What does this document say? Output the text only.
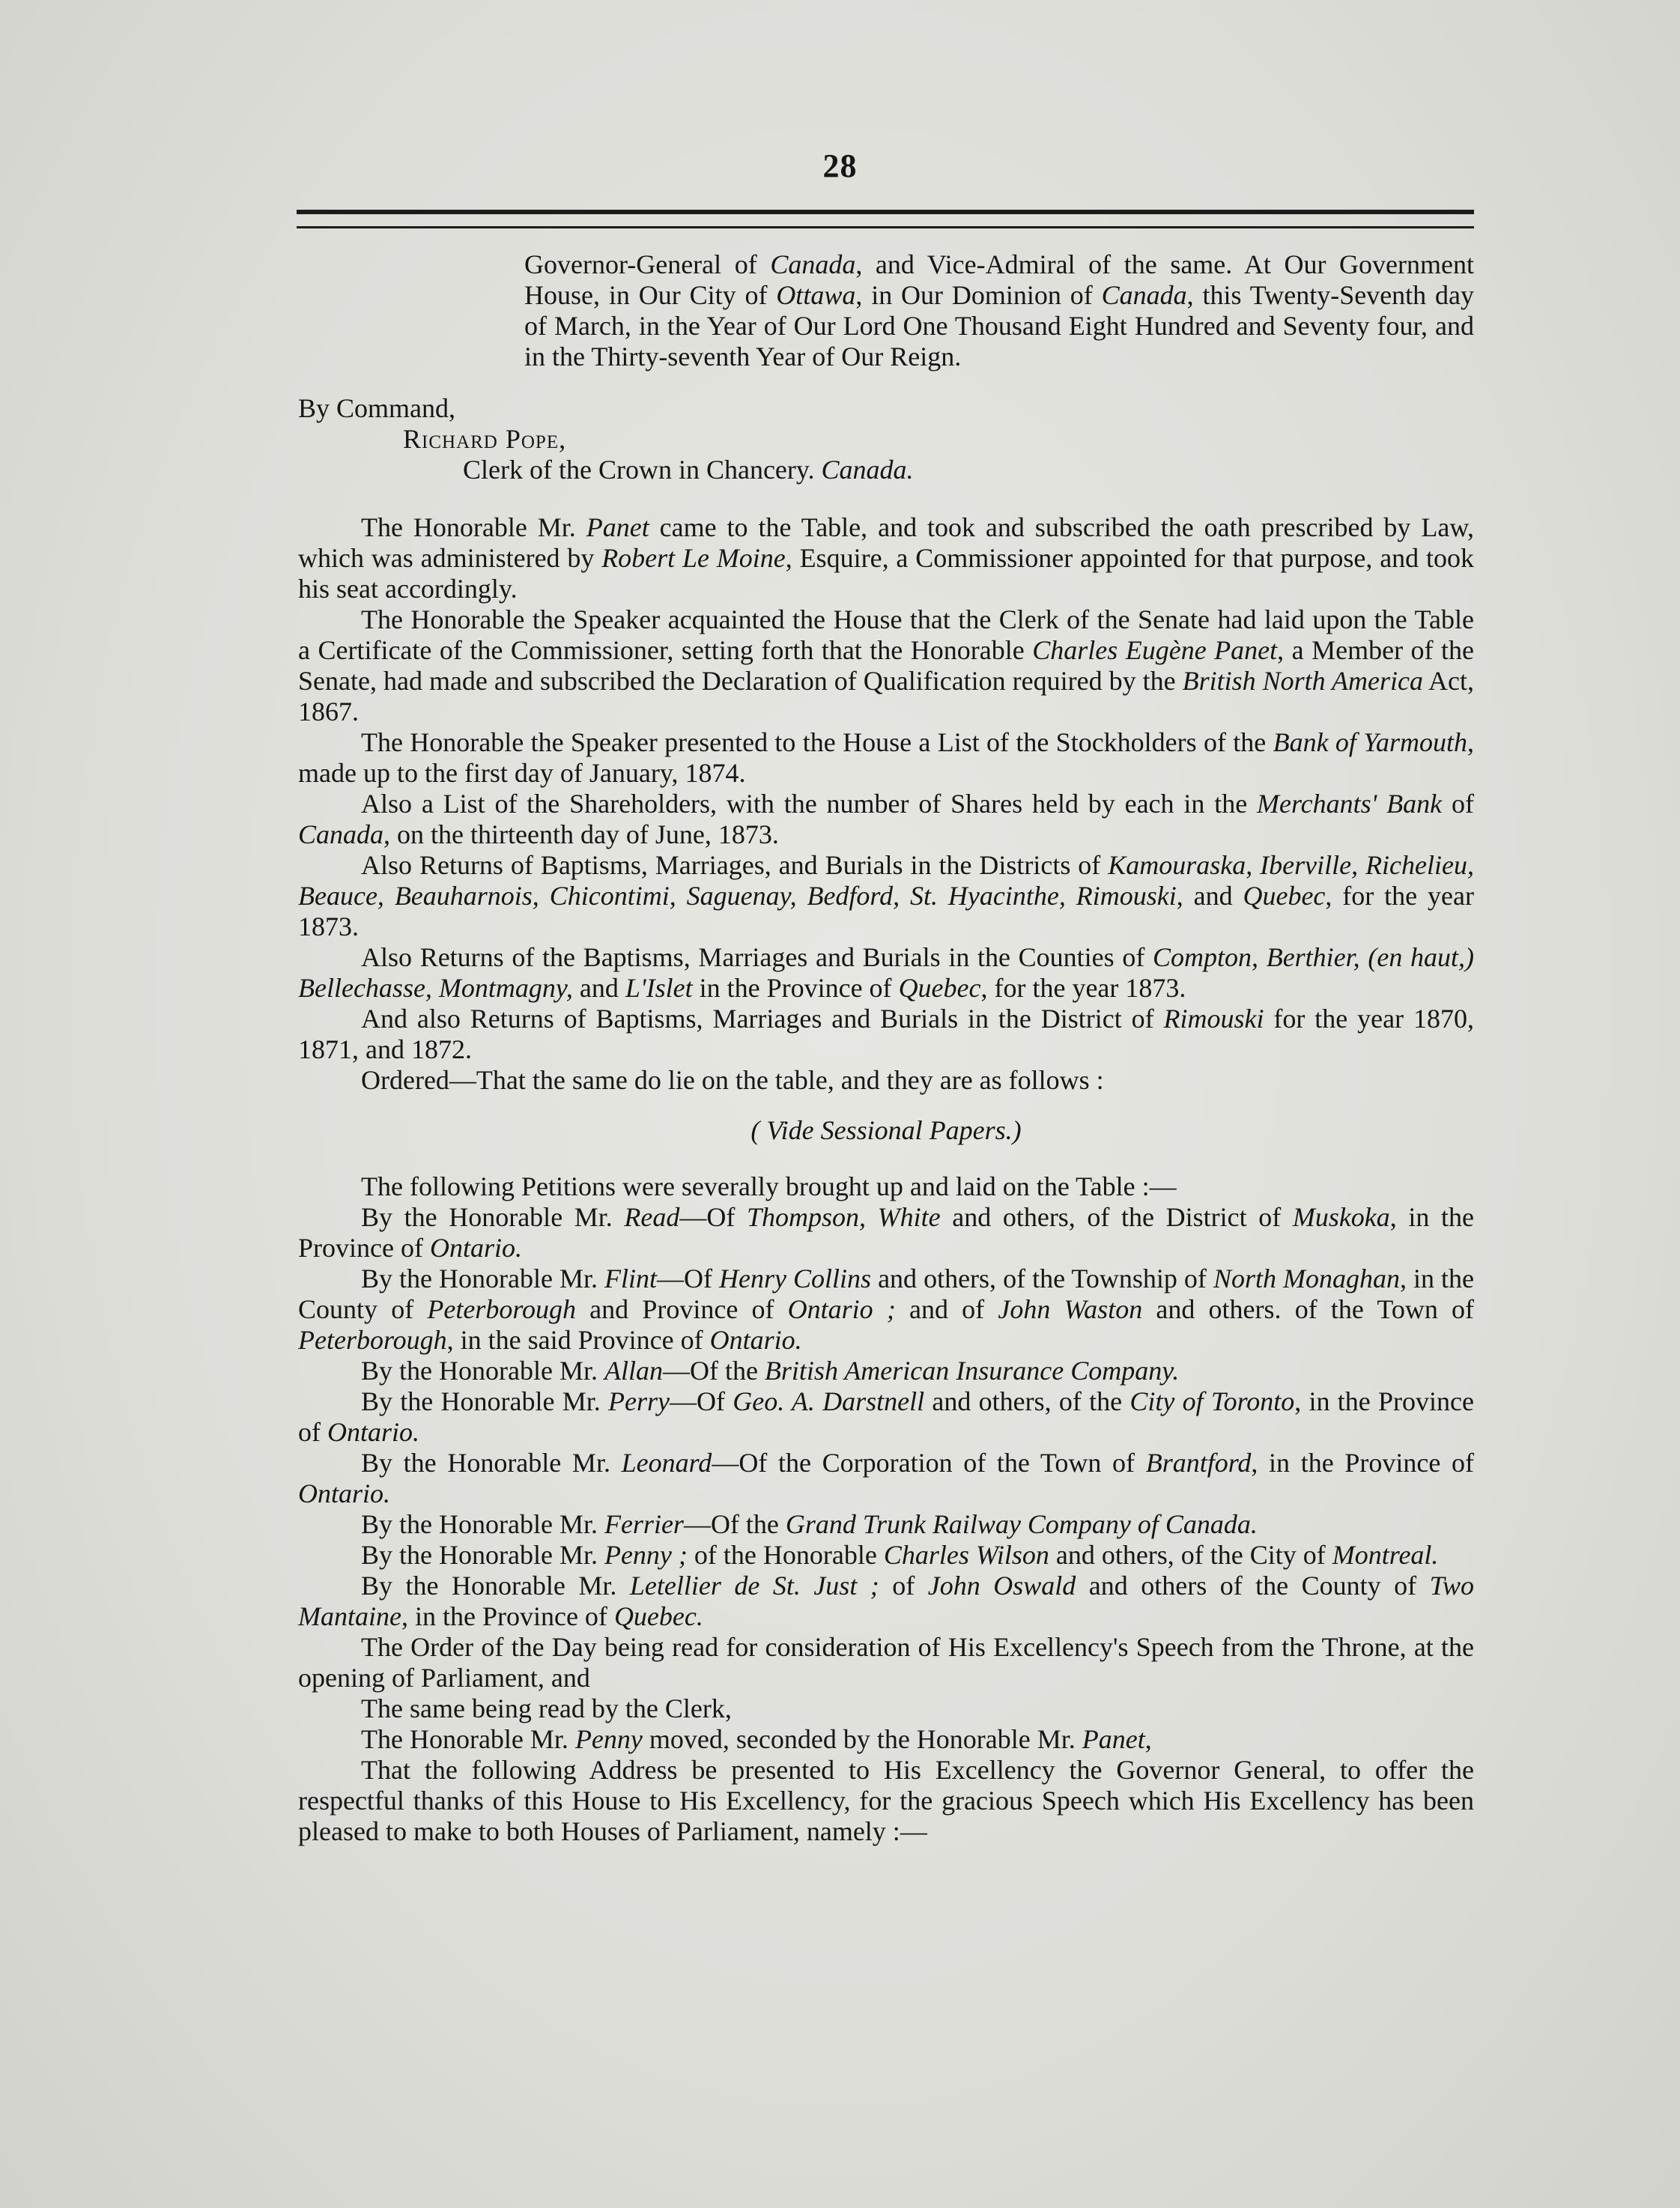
28

Governor-General of Canada, and Vice-Admiral of the same. At Our Government House, in Our City of Ottawa, in Our Dominion of Canada, this Twenty-Seventh day of March, in the Year of Our Lord One Thousand Eight Hundred and Seventy four, and in the Thirty-seventh Year of Our Reign.

By Command,

Richard Pope,

Clerk of the Crown in Chancery. Canada.

The Honorable Mr. Panet came to the Table, and took and subscribed the oath prescribed by Law, which was administered by Robert Le Moine, Esquire, a Commissioner appointed for that purpose, and took his seat accordingly.

The Honorable the Speaker acquainted the House that the Clerk of the Senate had laid upon the Table a Certificate of the Commissioner, setting forth that the Honorable Charles Eugène Panet, a Member of the Senate, had made and subscribed the Declaration of Qualification required by the British North America Act, 1867.

The Honorable the Speaker presented to the House a List of the Stockholders of the Bank of Yarmouth, made up to the first day of January, 1874.

Also a List of the Shareholders, with the number of Shares held by each in the Merchants' Bank of Canada, on the thirteenth day of June, 1873.

Also Returns of Baptisms, Marriages, and Burials in the Districts of Kamouraska, Iberville, Richelieu, Beauce, Beauharnois, Chicontimi, Saguenay, Bedford, St. Hyacinthe, Rimouski, and Quebec, for the year 1873.

Also Returns of the Baptisms, Marriages and Burials in the Counties of Compton, Berthier, (en haut,) Bellechasse, Montmagny, and L'Islet in the Province of Quebec, for the year 1873.

And also Returns of Baptisms, Marriages and Burials in the District of Rimouski for the year 1870, 1871, and 1872.

Ordered—That the same do lie on the table, and they are as follows :

( Vide Sessional Papers.)

The following Petitions were severally brought up and laid on the Table :—

By the Honorable Mr. Read—Of Thompson, White and others, of the District of Muskoka, in the Province of Ontario.

By the Honorable Mr. Flint—Of Henry Collins and others, of the Township of North Monaghan, in the County of Peterborough and Province of Ontario ; and of John Waston and others. of the Town of Peterborough, in the said Province of Ontario.

By the Honorable Mr. Allan—Of the British American Insurance Company.

By the Honorable Mr. Perry—Of Geo. A. Darstnell and others, of the City of Toronto, in the Province of Ontario.

By the Honorable Mr. Leonard—Of the Corporation of the Town of Brantford, in the Province of Ontario.

By the Honorable Mr. Ferrier—Of the Grand Trunk Railway Company of Canada.

By the Honorable Mr. Penny ; of the Honorable Charles Wilson and others, of the City of Montreal.

By the Honorable Mr. Letellier de St. Just ; of John Oswald and others of the County of Two Mantaine, in the Province of Quebec.

The Order of the Day being read for consideration of His Excellency's Speech from the Throne, at the opening of Parliament, and

The same being read by the Clerk,

The Honorable Mr. Penny moved, seconded by the Honorable Mr. Panet,

That the following Address be presented to His Excellency the Governor General, to offer the respectful thanks of this House to His Excellency, for the gracious Speech which His Excellency has been pleased to make to both Houses of Parliament, namely :—
